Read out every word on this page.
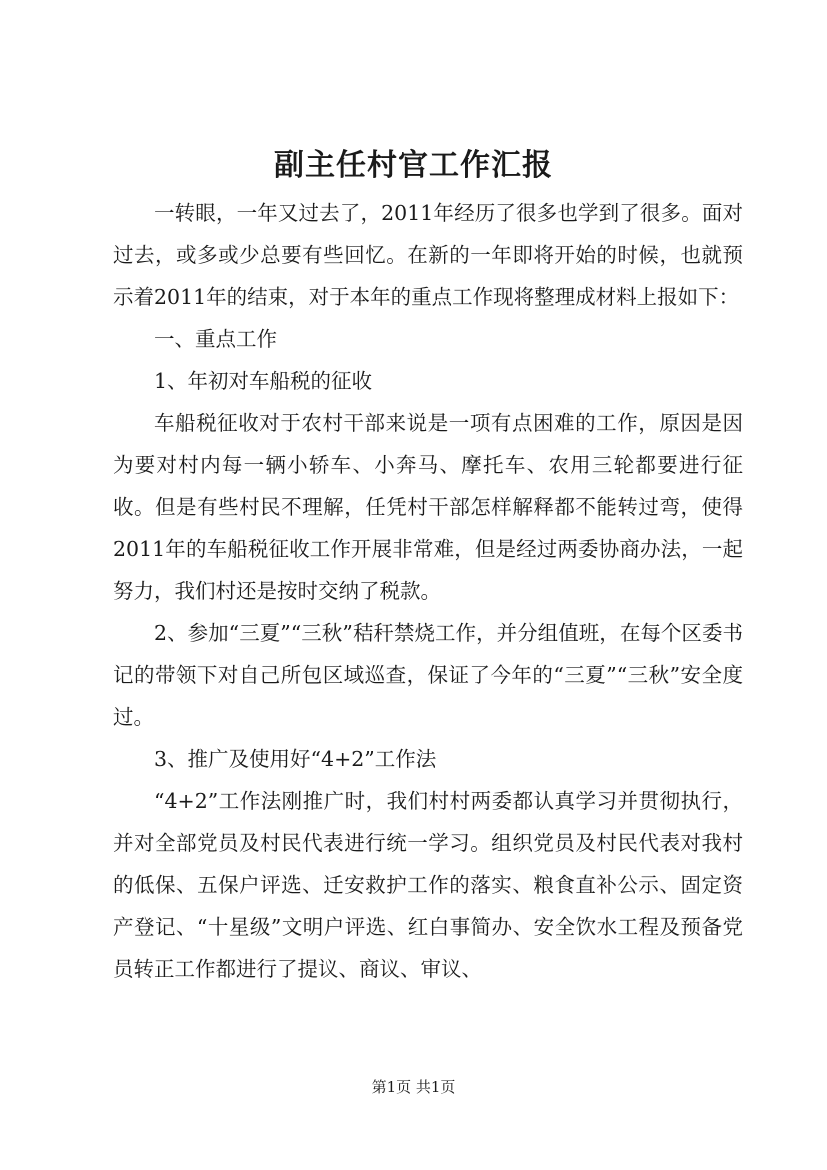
副主任村官工作汇报

一转眼，一年又过去了，2011年经历了很多也学到了很多。面对过去，或多或少总要有些回忆。在新的一年即将开始的时候，也就预示着2011年的结束，对于本年的重点工作现将整理成材料上报如下：

一、重点工作

1、年初对车船税的征收

车船税征收对于农村干部来说是一项有点困难的工作，原因是因为要对村内每一辆小轿车、小奔马、摩托车、农用三轮都要进行征收。但是有些村民不理解，任凭村干部怎样解释都不能转过弯，使得2011年的车船税征收工作开展非常难，但是经过两委协商办法，一起努力，我们村还是按时交纳了税款。

2、参加“三夏”“三秋”秸秆禁烧工作，并分组值班，在每个区委书记的带领下对自己所包区域巡查，保证了今年的“三夏”“三秋”安全度过。

3、推广及使用好“4+2”工作法

“4+2”工作法刚推广时，我们村村两委都认真学习并贯彻执行，并对全部党员及村民代表进行统一学习。组织党员及村民代表对我村的低保、五保户评选、迁安救护工作的落实、粮食直补公示、固定资产登记、“十星级”文明户评选、红白事简办、安全饮水工程及预备党员转正工作都进行了提议、商议、审议、

第1页 共1页
